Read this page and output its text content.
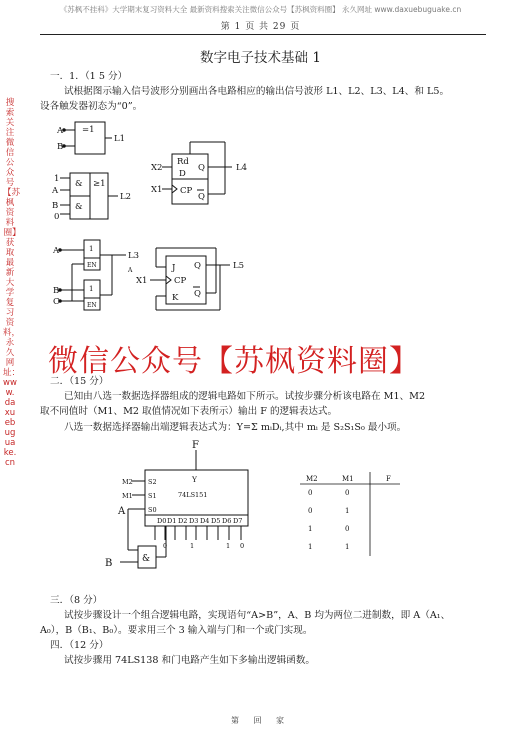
《苏枫不挂科》大学期末复习资料大全 最新资料搜索关注微信公众号【苏枫资料圈】 永久网址 www.daxuebuguake.cn
第 1 页 共 29 页
数字电子技术基础 1
搜索关注微信公众号【苏枫资料圈】获取最新大学复习资料，永久网址：www.daxuebuguake.cn
一．1．（1 5 分）
试根据图示输入信号波形分别画出各电路相应的输出信号波形 L1、L2、L3、L4、和 L5。
设各触发器初态为“0”。
=1
A
B
L1
&
&
≥1
1
A
B
0
L2
1
EN
1
EN
A
B
C
L3
Rd
D
Q
CP
Q
X2
X1
L4
J
CP
K
Q
Q
A
X1
L5
微信公众号【苏枫资料圈】
二．（15 分）
已知由八选一数据选择器组成的逻辑电路如下所示。试按步骤分析该电路在 M1、M2
取不同值时（M1、M2 取值情况如下表所示）输出 F 的逻辑表达式。
八选一数据选择器输出端逻辑表达式为：Y=Σ mᵢDᵢ,其中 mᵢ 是 S₂S₁S₀ 最小项。
F
Y
74LS151
S2
S1
S0
M2
M1
A
B	&
D0 D1 D2 D3 D4 D5 D6 D7
0	1	1 0
M2	M1	F
0	0
0	1
1	0
1	1
三．（8 分）
试按步骤设计一个组合逻辑电路，实现语句“A>B”，A、B 均为两位二进制数，即 A（A₁、
A₀），B（B₁、B₀）。要求用三个 3 输入端与门和一个或门实现。
四．（12 分）
试按步骤用 74LS138 和门电路产生如下多输出逻辑函数。
第 回 家
